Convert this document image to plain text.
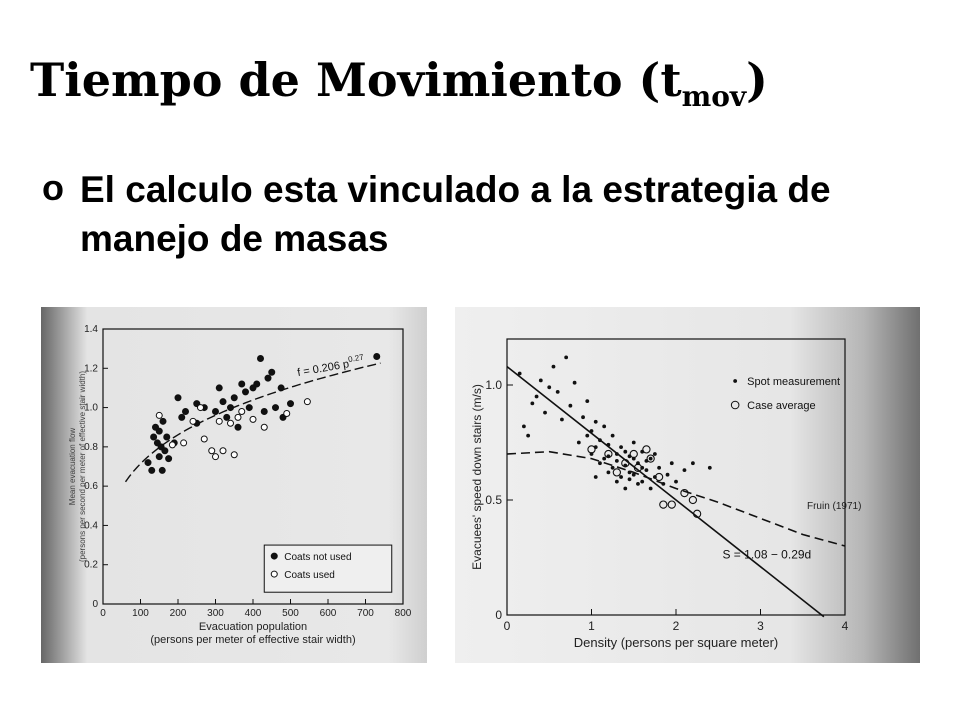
Tiempo de Movimiento $(t_{mov})$
o El calculo esta vinculado a la estrategia de manejo de masas
0	100 200 300 400 500 600 700 800
0
0.2
0.4
0.6
0.8
1.0
1.2
1.4
Evacuation population
(persons per meter of effective stair width)
Mean evacuation flow (persons per second per meter of effective stair width)
f = 0.206 $p^{0.27}$
Coats not used
Coats used
0	1	2	3	4
0
0.5
1.0
Density (persons per square meter)
Evacuees' speed down stairs (m/s)
Spot measurement
Case average
S = 1.08 − 0.29d
Fruin (1971)
